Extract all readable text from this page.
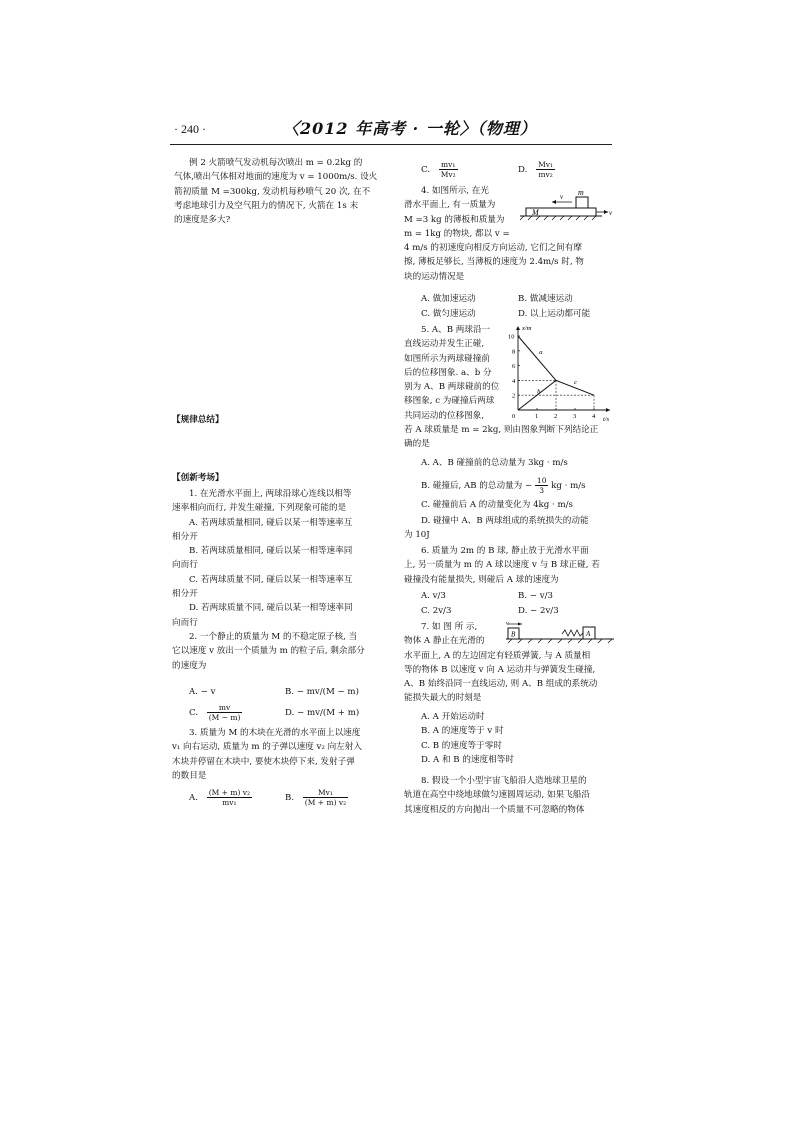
· 240 ·	〈2012 年高考 · 一轮〉（物理）
例 2 火箭喷气发动机每次喷出 m = 0.2kg 的
气体,喷出气体相对地面的速度为 v = 1000m/s. 设火
箭初质量 M =300kg, 发动机每秒喷气 20 次, 在不
考虑地球引力及空气阻力的情况下, 火箭在 1s 末
的速度是多大?
【规律总结】
【创新考场】
1. 在光滑水平面上, 两球沿球心连线以相等
速率相向而行, 并发生碰撞, 下列现象可能的是
A. 若两球质量相同, 碰后以某一相等速率互
相分开
B. 若两球质量相同, 碰后以某一相等速率同
向而行
C. 若两球质量不同, 碰后以某一相等速率互
相分开
D. 若两球质量不同, 碰后以某一相等速率同
向而行
2. 一个静止的质量为 M 的不稳定原子核, 当
它以速度 v 放出一个质量为 m 的粒子后, 剩余部分
的速度为
A. − v	B. − mv/(M − m)
C. $\frac{mv}{(M - m)}$	D. − mv/(M + m)
3. 质量为 M 的木块在光滑的水平面上以速度
v₁ 向右运动, 质量为 m 的子弹以速度 v₂ 向左射入
木块并停留在木块中, 要使木块停下来, 发射子弹
的数目是
A. $\frac{\text{(M + m) v₂}}{\text{mv₁}}$	B. $\frac{\text{Mv₁}}{\text{(M + m) v₂}}$
C. $\frac{\text{mv₁}}{\text{Mv₂}}$	D. $\frac{\text{Mv₁}}{\text{mv₂}}$
4. 如图所示, 在光
滑水平面上, 有一质量为
M =3 kg 的薄板和质量为
m = 1kg 的物块, 都以 v =
4 m/s 的初速度向相反方向运动, 它们之间有摩
擦, 薄板足够长, 当薄板的速度为 2.4m/s 时, 物
块的运动情况是
M
m
v
v
A. 做加速运动	B. 做减速运动
C. 做匀速运动	D. 以上运动都可能
5. A、B 两球沿一
直线运动并发生正碰,
如图所示为两球碰撞前
后的位移图象. a、b 分
别为 A、B 两球碰前的位
移图象, c 为碰撞后两球
共同运动的位移图象,
若 A 球质量是 m = 2kg, 则由图象判断下列结论正
确的是
x/m
t/s
0	1 2 3 4
2
4
6
8
10
a
b
c
A. A、B 碰撞前的总动量为 3kg · m/s
B. 碰撞后, AB 的总动量为 − $\frac{10}{3}$ kg · m/s
C. 碰撞前后 A 的动量变化为 4kg · m/s
D. 碰撞中 A、B 两球组成的系统损失的动能
为 10J
6. 质量为 2m 的 B 球, 静止放于光滑水平面
上, 另一质量为 m 的 A 球以速度 v 与 B 球正碰, 若
碰撞没有能量损失, 则碰后 A 球的速度为
A. v/3	B. − v/3
C. 2v/3	D. − 2v/3
7. 如 图 所 示,
物体 A 静止在光滑的
水平面上, A 的左边固定有轻质弹簧, 与 A 质量相
等的物体 B 以速度 v 向 A 运动并与弹簧发生碰撞,
A、B 始终沿同一直线运动, 则 A、B 组成的系统动
能损失最大的时刻是
B
v
A
A. A 开始运动时
B. A 的速度等于 v 时
C. B 的速度等于零时
D. A 和 B 的速度相等时
8. 假设一个小型宇宙飞船沿人造地球卫星的
轨道在高空中绕地球做匀速圆周运动, 如果飞船沿
其速度相反的方向抛出一个质量不可忽略的物体
